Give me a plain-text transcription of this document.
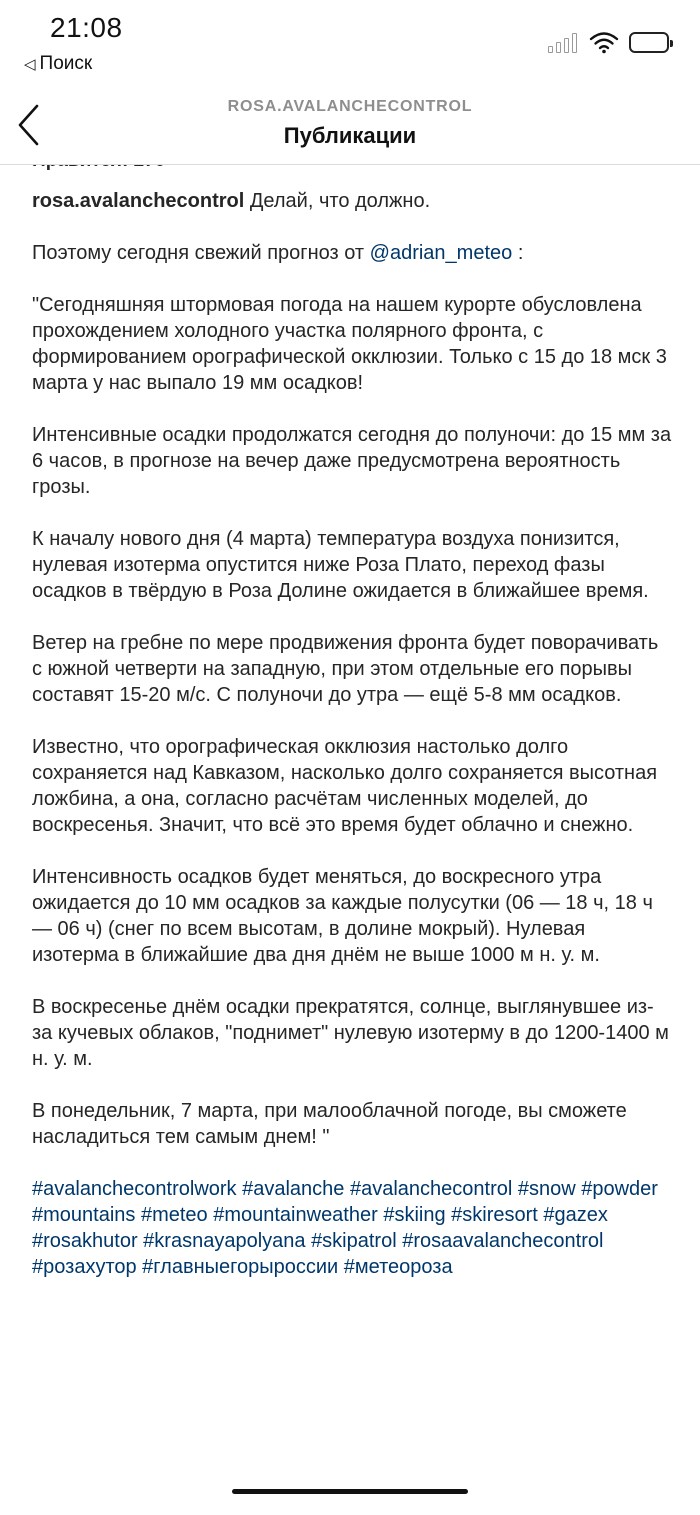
21:08
◁ Поиск
ROSA.AVALANCHECONTROL
Публикации

rosa.avalanchecontrol Делай, что должно.

Поэтому сегодня свежий прогноз от @adrian_meteo :

"Сегодняшняя штормовая погода на нашем курорте обусловлена прохождением холодного участка полярного фронта, с формированием орографической окклюзии. Только с 15 до 18 мск 3 марта у нас выпало 19 мм осадков!

Интенсивные осадки продолжатся сегодня до полуночи: до 15 мм за 6 часов, в прогнозе на вечер даже предусмотрена вероятность грозы.

К началу нового дня (4 марта) температура воздуха понизится, нулевая изотерма опустится ниже Роза Плато, переход фазы осадков в твёрдую в Роза Долине ожидается в ближайшее время.

Ветер на гребне по мере продвижения фронта будет поворачивать с южной четверти на западную, при этом отдельные его порывы составят 15-20 м/с. С полуночи до утра — ещё 5-8 мм осадков.

Известно, что орографическая окклюзия настолько долго сохраняется над Кавказом, насколько долго сохраняется высотная ложбина, а она, согласно расчётам численных моделей, до воскресенья. Значит, что всё это время будет облачно и снежно.

Интенсивность осадков будет меняться, до воскресного утра ожидается до 10 мм осадков за каждые полусутки (06 — 18 ч, 18 ч — 06 ч) (снег по всем высотам, в долине мокрый). Нулевая изотерма в ближайшие два дня днём не выше 1000 м н. у. м.

В воскресенье днём осадки прекратятся, солнце, выглянувшее из-за кучевых облаков, "поднимет" нулевую изотерму в до 1200-1400 м н. у. м.

В понедельник, 7 марта, при малооблачной погоде, вы сможете насладиться тем самым днем! "

#avalanchecontrolwork #avalanche #avalanchecontrol #snow #powder #mountains #meteo #mountainweather #skiing #skiresort #gazex #rosakhutor #krasnayapolyana #skipatrol #rosaavalanchecontrol #розахутор #главныегорыроссии #метеороза
